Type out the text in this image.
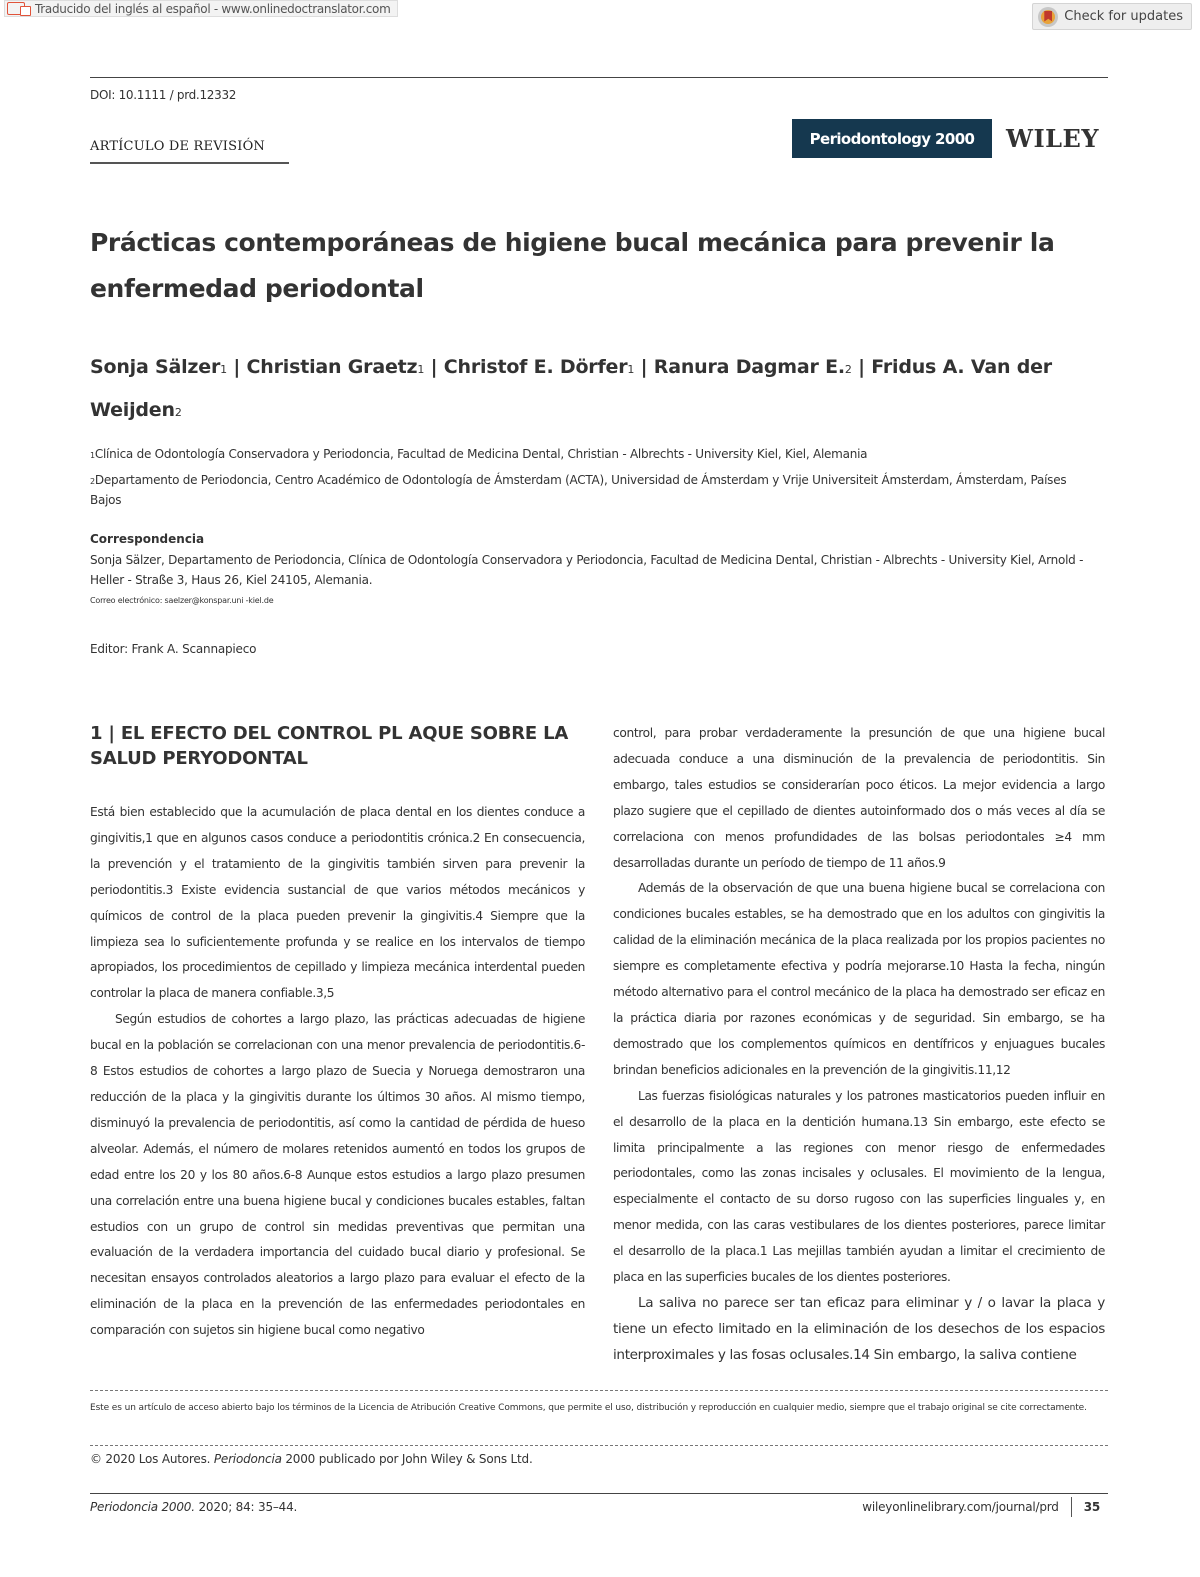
Traducido del inglés al español - www.onlinedoctranslator.com
Check for updates
DOI: 10.1111 / prd.12332
ARTÍCULO DE REVISIÓN	Periodontology 2000 WILEY
Prácticas contemporáneas de higiene bucal mecánica para prevenir la enfermedad periodontal
Sonja Sälzer1 | Christian Graetz1 | Christof E. Dörfer1 | Ranura Dagmar E.2 | Fridus A. Van der Weijden2
1Clínica de Odontología Conservadora y Periodoncia, Facultad de Medicina Dental, Christian - Albrechts - University Kiel, Kiel, Alemania
2Departamento de Periodoncia, Centro Académico de Odontología de Ámsterdam (ACTA), Universidad de Ámsterdam y Vrije Universiteit Ámsterdam, Ámsterdam, Países Bajos
Correspondencia
Sonja Sälzer, Departamento de Periodoncia, Clínica de Odontología Conservadora y Periodoncia, Facultad de Medicina Dental, Christian - Albrechts - University Kiel, Arnold - Heller - Straße 3, Haus 26, Kiel 24105, Alemania.
Correo electrónico: saelzer@konspar.uni -kiel.de
Editor: Frank A. Scannapieco
1 | EL EFECTO DEL CONTROL PL AQUE SOBRE LA SALUD PERYODONTAL

Está bien establecido que la acumulación de placa dental en los dientes conduce a gingivitis,1 que en algunos casos conduce a periodontitis crónica.2 En consecuencia, la prevención y el tratamiento de la gingivitis también sirven para prevenir la periodontitis.3 Existe evidencia sustancial de que varios métodos mecánicos y químicos de control de la placa pueden prevenir la gingivitis.4 Siempre que la limpieza sea lo suficientemente profunda y se realice en los intervalos de tiempo apropiados, los procedimientos de cepillado y limpieza mecánica interdental pueden controlar la placa de manera confiable.3,5

Según estudios de cohortes a largo plazo, las prácticas adecuadas de higiene bucal en la población se correlacionan con una menor prevalencia de periodontitis.6-8 Estos estudios de cohortes a largo plazo de Suecia y Noruega demostraron una reducción de la placa y la gingivitis durante los últimos 30 años. Al mismo tiempo, disminuyó la prevalencia de periodontitis, así como la cantidad de pérdida de hueso alveolar. Además, el número de molares retenidos aumentó en todos los grupos de edad entre los 20 y los 80 años.6-8 Aunque estos estudios a largo plazo presumen una correlación entre una buena higiene bucal y condiciones bucales estables, faltan estudios con un grupo de control sin medidas preventivas que permitan una evaluación de la verdadera importancia del cuidado bucal diario y profesional. Se necesitan ensayos controlados aleatorios a largo plazo para evaluar el efecto de la eliminación de la placa en la prevención de las enfermedades periodontales en comparación con sujetos sin higiene bucal como negativo

control, para probar verdaderamente la presunción de que una higiene bucal adecuada conduce a una disminución de la prevalencia de periodontitis. Sin embargo, tales estudios se considerarían poco éticos. La mejor evidencia a largo plazo sugiere que el cepillado de dientes autoinformado dos o más veces al día se correlaciona con menos profundidades de las bolsas periodontales ≥4 mm desarrolladas durante un período de tiempo de 11 años.9

Además de la observación de que una buena higiene bucal se correlaciona con condiciones bucales estables, se ha demostrado que en los adultos con gingivitis la calidad de la eliminación mecánica de la placa realizada por los propios pacientes no siempre es completamente efectiva y podría mejorarse.10 Hasta la fecha, ningún método alternativo para el control mecánico de la placa ha demostrado ser eficaz en la práctica diaria por razones económicas y de seguridad. Sin embargo, se ha demostrado que los complementos químicos en dentífricos y enjuagues bucales brindan beneficios adicionales en la prevención de la gingivitis.11,12

Las fuerzas fisiológicas naturales y los patrones masticatorios pueden influir en el desarrollo de la placa en la dentición humana.13 Sin embargo, este efecto se limita principalmente a las regiones con menor riesgo de enfermedades periodontales, como las zonas incisales y oclusales. El movimiento de la lengua, especialmente el contacto de su dorso rugoso con las superficies linguales y, en menor medida, con las caras vestibulares de los dientes posteriores, parece limitar el desarrollo de la placa.1 Las mejillas también ayudan a limitar el crecimiento de placa en las superficies bucales de los dientes posteriores.

La saliva no parece ser tan eficaz para eliminar y / o lavar la placa y tiene un efecto limitado en la eliminación de los desechos de los espacios interproximales y las fosas oclusales.14 Sin embargo, la saliva contiene

Este es un artículo de acceso abierto bajo los términos de la Licencia de Atribución Creative Commons, que permite el uso, distribución y reproducción en cualquier medio, siempre que el trabajo original se cite correctamente.
© 2020 Los Autores. Periodoncia 2000 publicado por John Wiley & Sons Ltd.
Periodoncia 2000.
2020; 84: 35–44.	wileyonlinelibrary.com/journal/prd 35
